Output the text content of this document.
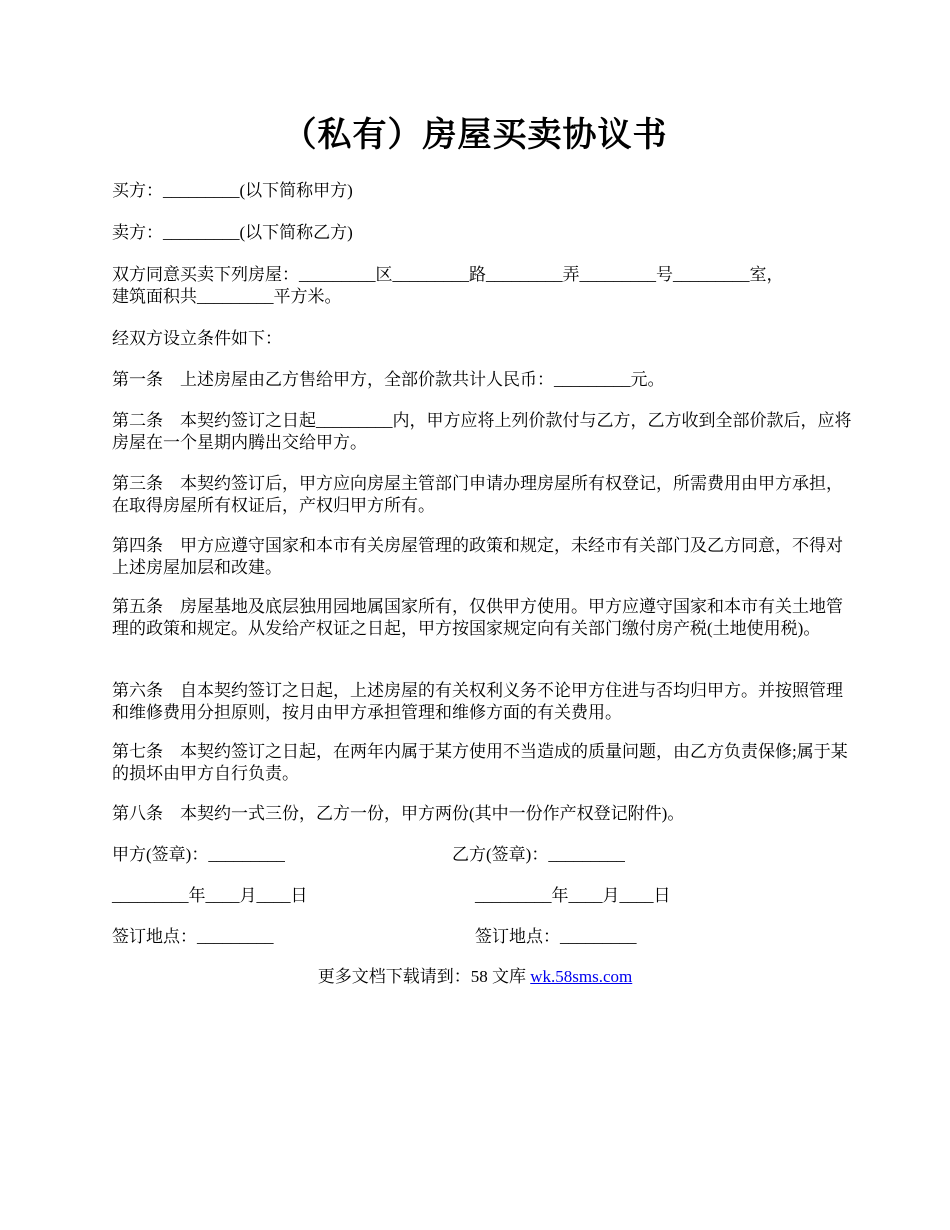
（私有）房屋买卖协议书
买方：_________(以下简称甲方)
卖方：_________(以下简称乙方)
双方同意买卖下列房屋：_________区_________路_________弄_________号_________室，
建筑面积共_________平方米。
经双方设立条件如下：
第一条　上述房屋由乙方售给甲方，全部价款共计人民币：_________元。
第二条　本契约签订之日起_________内，甲方应将上列价款付与乙方，乙方收到全部价款后，应将房屋在一个星期内腾出交给甲方。
第三条　本契约签订后，甲方应向房屋主管部门申请办理房屋所有权登记，所需费用由甲方承担，在取得房屋所有权证后，产权归甲方所有。
第四条　甲方应遵守国家和本市有关房屋管理的政策和规定，未经市有关部门及乙方同意，不得对上述房屋加层和改建。
第五条　房屋基地及底层独用园地属国家所有，仅供甲方使用。甲方应遵守国家和本市有关土地管理的政策和规定。从发给产权证之日起，甲方按国家规定向有关部门缴付房产税(土地使用税)。
第六条　自本契约签订之日起，上述房屋的有关权利义务不论甲方住进与否均归甲方。并按照管理和维修费用分担原则，按月由甲方承担管理和维修方面的有关费用。
第七条　本契约签订之日起，在两年内属于某方使用不当造成的质量问题，由乙方负责保修;属于某的损坏由甲方自行负责。
第八条　本契约一式三份，乙方一份，甲方两份(其中一份作产权登记附件)。
甲方(签章)：_________	乙方(签章)：_________
_________年____月____日	_________年____月____日
签订地点：_________	签订地点：_________
更多文档下载请到：58 文库 wk.58sms.com
